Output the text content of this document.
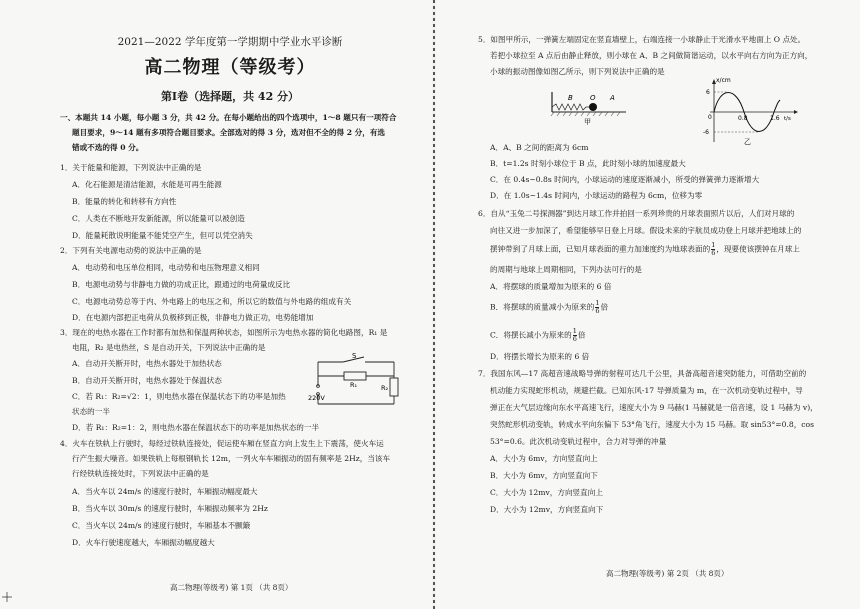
2021—2022 学年度第一学期期中学业水平诊断
高二物理（等级考）
第Ⅰ卷（选择题，共 42 分）
一、本题共 14 小题，每小题 3 分，共 42 分。在每小题给出的四个选项中，1～8 题只有一项符合
题目要求，9～14 题有多项符合题目要求。全部选对的得 3 分，选对但不全的得 2 分，有选
错或不选的得 0 分。
1．关于能量和能源，下列说法中正确的是
A．化石能源是清洁能源，水能是可再生能源
B．能量的转化和转移有方向性
C．人类在不断地开发新能源，所以能量可以被创造
D．能量耗散说明能量不能凭空产生，但可以凭空消失
2．下列有关电源电动势的说法中正确的是
A．电动势和电压单位相同，电动势和电压物理意义相同
B．电源电动势与非静电力做的功成正比，跟通过的电荷量成反比
C．电源电动势总等于内、外电路上的电压之和，所以它的数值与外电路的组成有关
D．在电源内部把正电荷从负极移到正极，非静电力做正功，电势能增加
3．现在的电热水器在工作时都有加热和保温两种状态，如图所示为电热水器的简化电路图，R₁ 是
电阻，R₂ 是电热丝，S 是自动开关，下列说法中正确的是
A．自动开关断开时，电热水器处于加热状态
B．自动开关断开时，电热水器处于保温状态
C．若 R₁：R₂=√2：1，则电热水器在保温状态下的功率是加热
状态的一半
D．若 R₁：R₂=1：2，则电热水器在保温状态下的功率是加热状态的一半
S
R₁	R₂
220V
4．火车在铁轨上行驶时，每经过铁轨连接处，促运使车厢在竖直方向上发生上下震荡，使火车运
行产生振大噪音。如果铁轨上每根钢轨长 12m，一列火车车厢振动的固有频率是 2Hz，当该车
行经铁轨连接处时，下列说法中正确的是
A．当火车以 24m/s 的速度行驶时，车厢振动幅度最大
B．当火车以 30m/s 的速度行驶时，车厢振动频率为 2Hz
C．当火车以 24m/s 的速度行驶时，车厢基本不颤簸
D．火车行驶速度越大，车厢振动幅度越大
高二物理(等级考) 第 1页 （共 8页）
5．如图甲所示，一弹簧左端固定在竖直墙壁上，右端连接一小球静止于光滑水平地面上 O 点处。
若把小球拉至 A 点后由静止释放，则小球在 A、B 之间做简谐运动，以水平向右方向为正方向，
小球的振动图像如图乙所示，则下列说法中正确的是
B O A
甲
x/cm
6
-6
0	0.8	1.6 t/s
乙
A．A、B 之间的距离为 6cm
B．t=1.2s 时刻小球位于 B 点，此时刻小球的加速度最大
C．在 0.4s~0.8s 时间内，小球运动的速度逐渐减小，所受的弹簧弹力逐渐增大
D．在 1.0s~1.4s 时间内，小球运动的路程为 6cm，位移为零
6．自从“玉兔二号探测器”到达月球工作并拍回一系列珍贵的月球表面照片以后，人们对月球的
向往又进一步加深了，希望能够早日登上月球。假设未来的宇航员成功登上月球并把地球上的
摆钟带到了月球上面，已知月球表面的重力加速度约为地球表面的 $\frac{1}{6}$ ，现要使该摆钟在月球上
的周期与地球上周期相同，下列办法可行的是
A．将摆球的质量增加为原来的 6 倍
B．将摆球的质量减小为原来的 $\frac{1}{6}$ 倍
C．将摆长减小为原来的 $\frac{1}{6}$ 倍
D．将摆长增长为原来的 6 倍
7．我国东风—17 高超音速战略导弹的射程可达几千公里，具备高超音速突防能力，可借助空前的
机动能力实现蛇形机动，规避拦截。已知东风-17 导弹质量为 m，在一次机动变轨过程中，导
弹正在大气层边缘向东水平高速飞行，速度大小为 9 马赫(1 马赫就是一倍音速，设 1 马赫为 v)，
突然蛇形机动变轨，转成水平向东偏下 53°角飞行，速度大小为 15 马赫。取 sin53°=0.8，cos
53°=0.6。此次机动变轨过程中，合力对导弹的冲量
A．大小为 6mv，方向竖直向上
B．大小为 6mv，方向竖直向下
C．大小为 12mv，方向竖直向上
D．大小为 12mv，方向竖直向下
高二物理(等级考) 第 2页 （共 8页）
